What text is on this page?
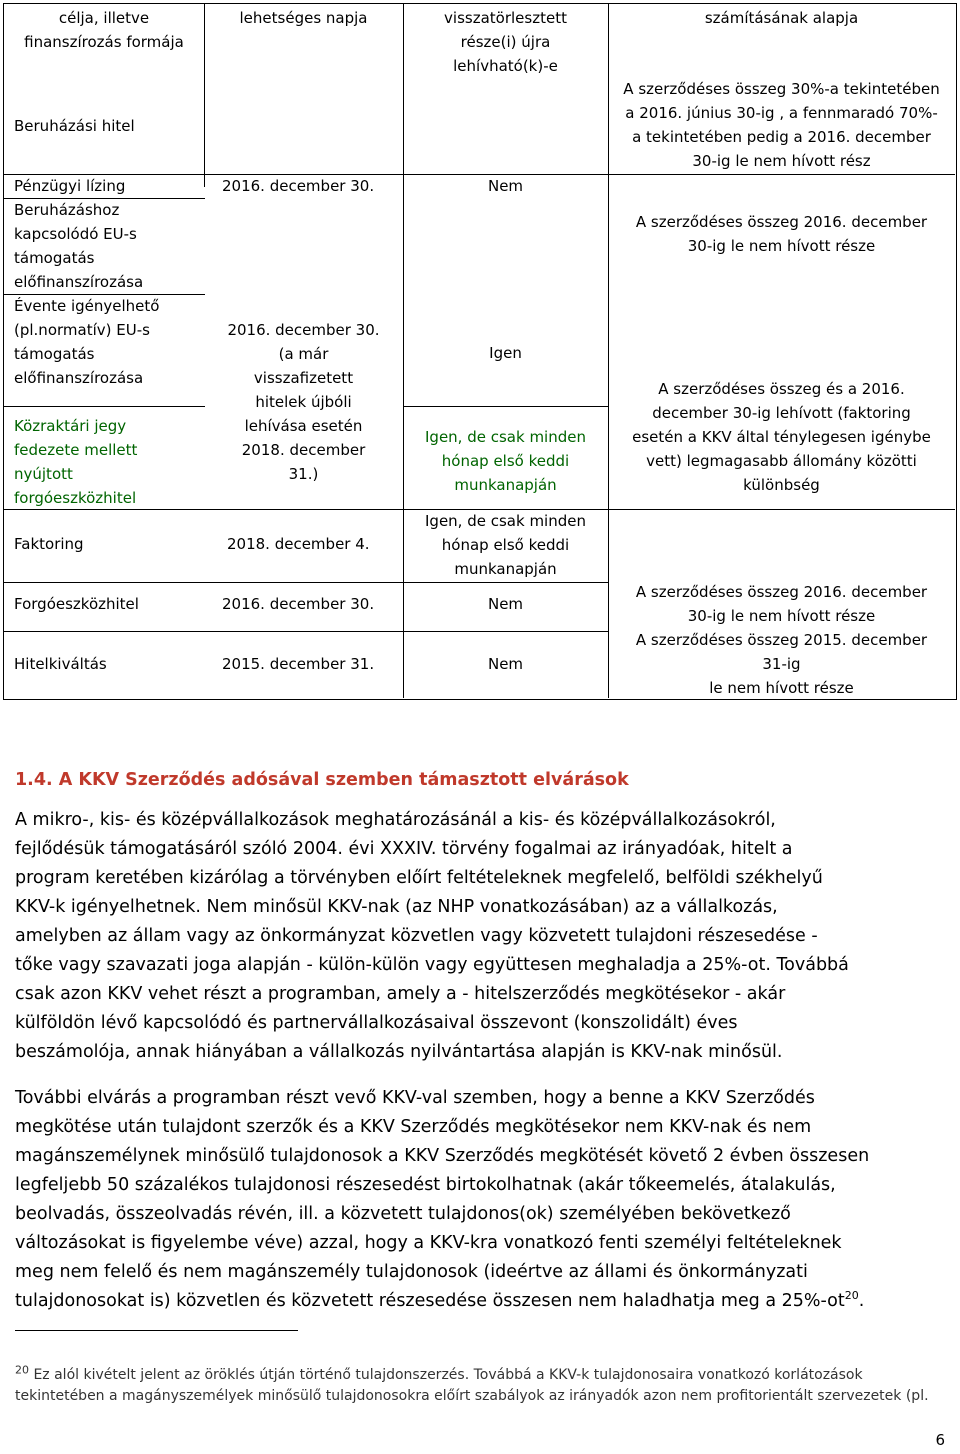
célja, illetve
finanszírozás formája
lehetséges napja	visszatörlesztett
része(i) újra
lehívható(k)-e
számításának alapja
Beruházási hitel
Pénzügyi lízing
Beruházáshoz
kapcsolódó EU-s
támogatás
előfinanszírozása
Évente igényelhető
(pl.normatív) EU-s
támogatás
előfinanszírozása
Közraktári jegy
fedezete mellett
nyújtott
forgóeszközhitel
Faktoring
Forgóeszközhitel
Hitelkiváltás
2016. december 30.
2016. december 30.
(a már
visszafizetett
hitelek újbóli
lehívása esetén
2018. december
31.)
2018. december 4.
2016. december 30.
2015. december 31.
Nem
Igen
Igen, de csak minden
hónap első keddi
munkanapján
Igen, de csak minden
hónap első keddi
munkanapján
Nem
Nem
A szerződéses összeg 30%-a tekintetében
a 2016. június 30-ig , a fennmaradó 70%-
a tekintetében pedig a 2016. december
30-ig le nem hívott rész
A szerződéses összeg 2016. december
30-ig le nem hívott része
A szerződéses összeg és a 2016.
december 30-ig lehívott (faktoring
esetén a KKV által ténylegesen igénybe
vett) legmagasabb állomány közötti
különbség
A szerződéses összeg 2016. december
30-ig le nem hívott része
A szerződéses összeg 2015. december
31-ig
le nem hívott része
1.4. A KKV Szerződés adósával szemben támasztott elvárások
A mikro-, kis- és középvállalkozások meghatározásánál a kis- és középvállalkozásokról,
fejlődésük támogatásáról szóló 2004. évi XXXIV. törvény fogalmai az irányadóak, hitelt a
program keretében kizárólag a törvényben előírt feltételeknek megfelelő, belföldi székhelyű
KKV-k igényelhetnek. Nem minősül KKV-nak (az NHP vonatkozásában) az a vállalkozás,
amelyben az állam vagy az önkormányzat közvetlen vagy közvetett tulajdoni részesedése -
tőke vagy szavazati joga alapján - külön-külön vagy együttesen meghaladja a 25%-ot. Továbbá
csak azon KKV vehet részt a programban, amely a - hitelszerződés megkötésekor - akár
külföldön lévő kapcsolódó és partnervállalkozásaival összevont (konszolidált) éves
beszámolója, annak hiányában a vállalkozás nyilvántartása alapján is KKV-nak minősül.
További elvárás a programban részt vevő KKV-val szemben, hogy a benne a KKV Szerződés
megkötése után tulajdont szerzők és a KKV Szerződés megkötésekor nem KKV-nak és nem
magánszemélynek minősülő tulajdonosok a KKV Szerződés megkötését követő 2 évben összesen
legfeljebb 50 százalékos tulajdonosi részesedést birtokolhatnak (akár tőkeemelés, átalakulás,
beolvadás, összeolvadás révén, ill. a közvetett tulajdonos(ok) személyében bekövetkező
változásokat is figyelembe véve) azzal, hogy a KKV-kra vonatkozó fenti személyi feltételeknek
meg nem felelő és nem magánszemély tulajdonosok (ideértve az állami és önkormányzati
tulajdonosokat is) közvetlen és közvetett részesedése összesen nem haladhatja meg a $25\%-ot^{20}$.
$^{20}$ Ez alól kivételt jelent az öröklés útján történő tulajdonszerzés. Továbbá a KKV-k tulajdonosaira vonatkozó korlátozások
tekintetében a magányszemélyek minősülő tulajdonosokra előírt szabályok az irányadók azon nem profitorientált szervezetek (pl.
6
